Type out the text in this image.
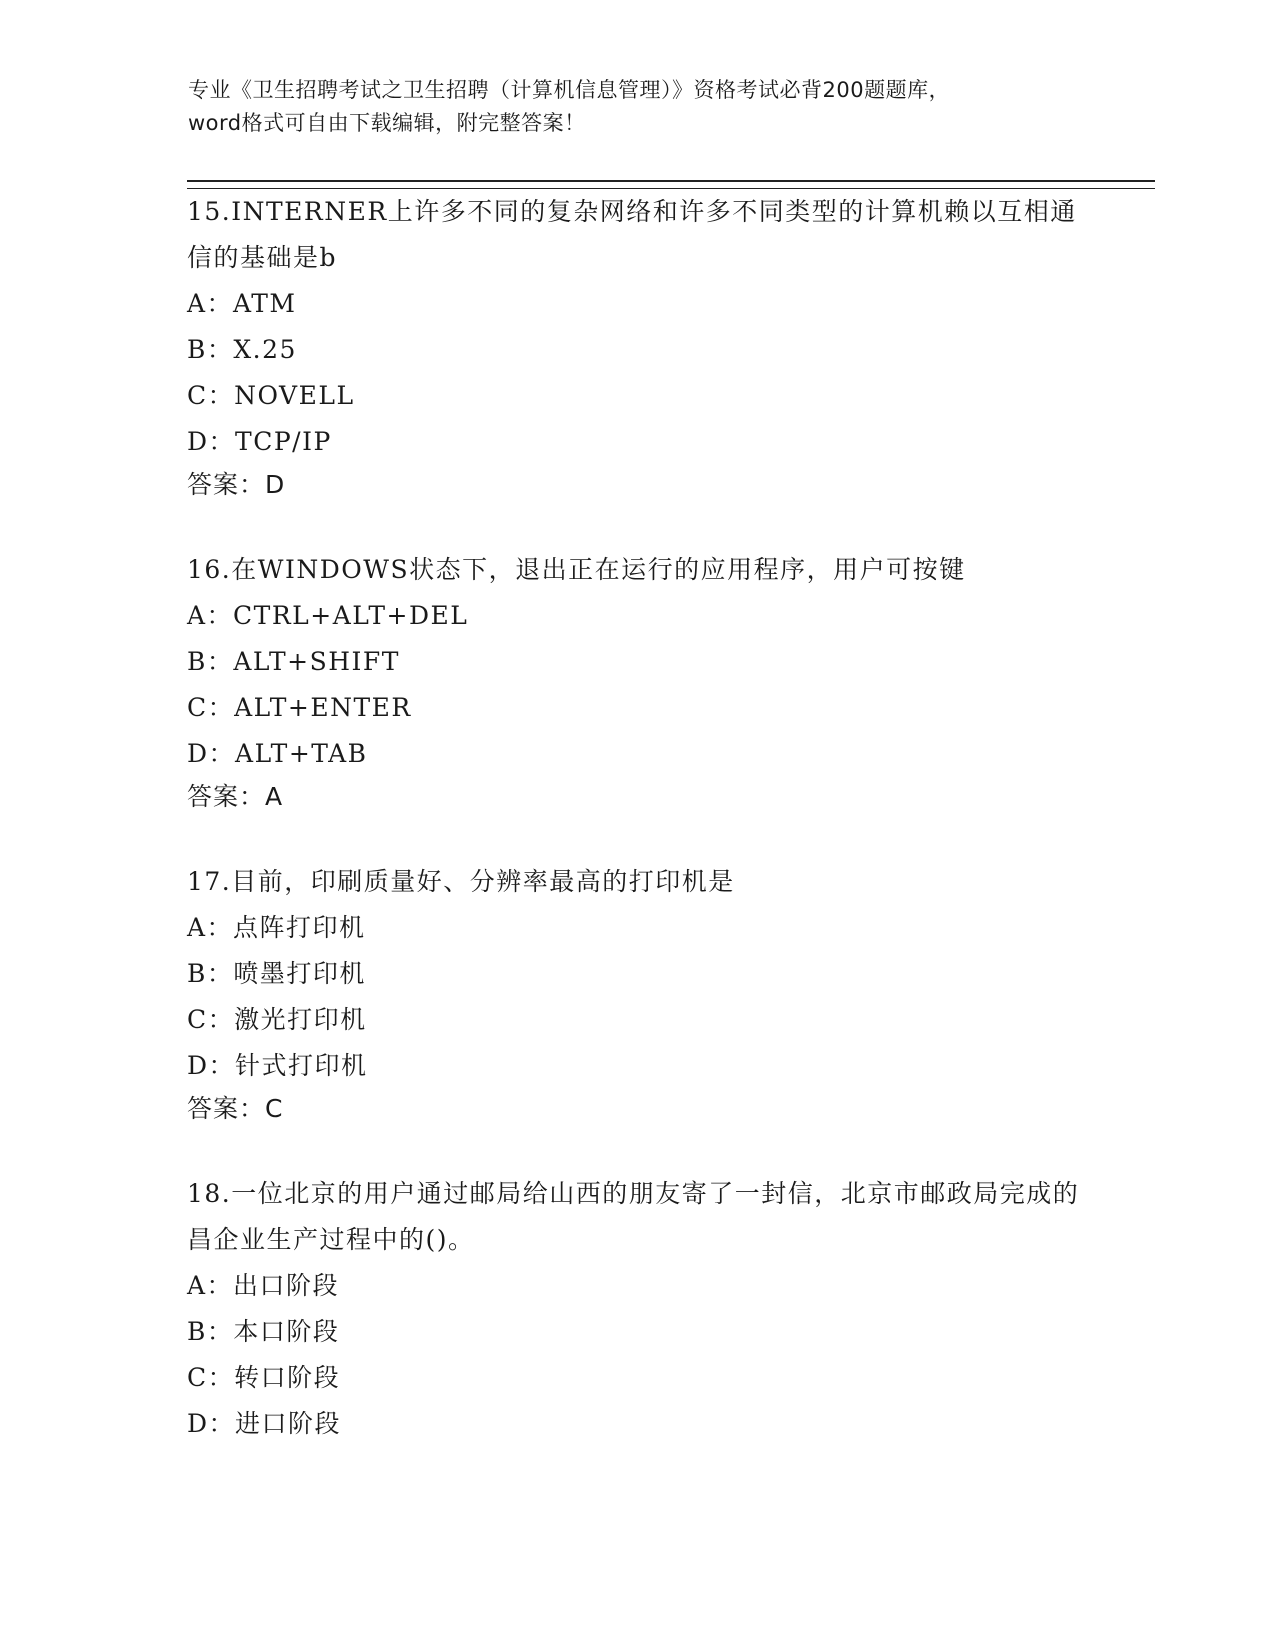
专业《卫生招聘考试之卫生招聘（计算机信息管理）》资格考试必背200题题库，
word格式可自由下载编辑，附完整答案！
15.INTERNER上许多不同的复杂网络和许多不同类型的计算机赖以互相通信的基础是b
A：ATM
B：X.25
C：NOVELL
D：TCP/IP
答案：D
16.在WINDOWS状态下，退出正在运行的应用程序，用户可按键
A：CTRL+ALT+DEL
B：ALT+SHIFT
C：ALT+ENTER
D：ALT+TAB
答案：A
17.目前，印刷质量好、分辨率最高的打印机是
A：点阵打印机
B：喷墨打印机
C：激光打印机
D：针式打印机
答案：C
18.一位北京的用户通过邮局给山西的朋友寄了一封信，北京市邮政局完成的昌企业生产过程中的()。
A：出口阶段
B：本口阶段
C：转口阶段
D：进口阶段
